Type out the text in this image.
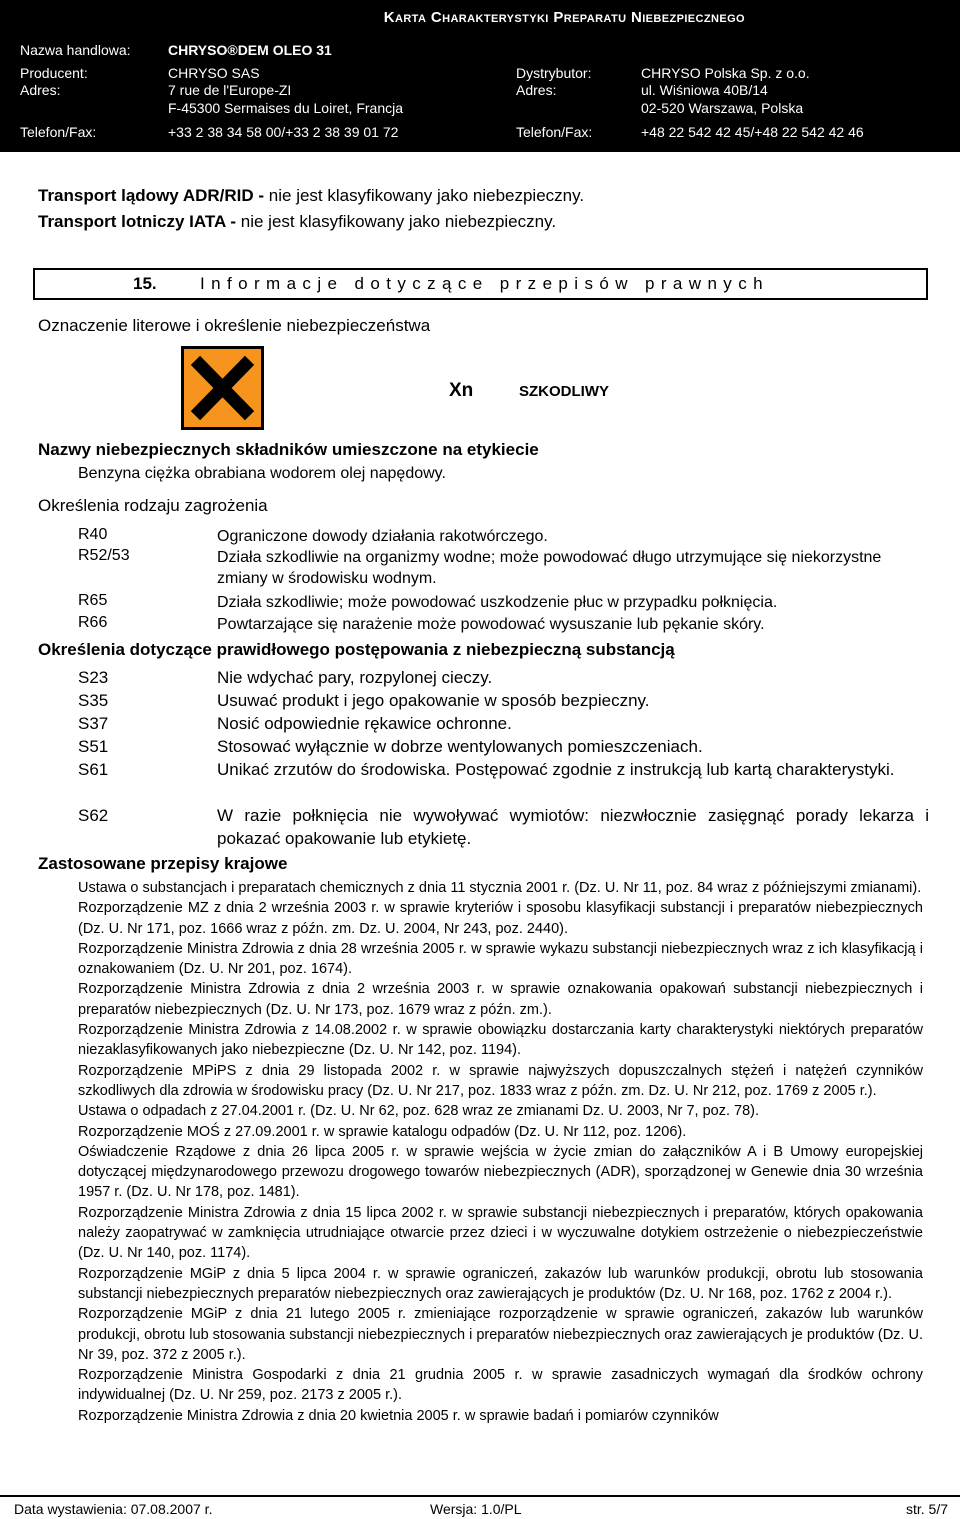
Karta Charakterystyki Preparatu Niebezpiecznego
Nazwa handlowa:	CHRYSO®DEM OLEO 31
Producent:	CHRYSO SAS	Dystrybutor:	CHRYSO Polska Sp. z o.o.
Adres:	7 rue de l'Europe-ZI	Adres:	ul. Wiśniowa 40B/14
F-45300 Sermaises du Loiret, Francja	02-520 Warszawa, Polska
Telefon/Fax:	+33 2 38 34 58 00/+33 2 38 39 01 72	Telefon/Fax:	+48 22 542 42 45/+48 22 542 42 46
Transport lądowy ADR/RID - nie jest klasyfikowany jako niebezpieczny.
Transport lotniczy IATA - nie jest klasyfikowany jako niebezpieczny.
15.	Informacje dotyczące przepisów prawnych
Oznaczenie literowe i określenie niebezpieczeństwa
Xn	SZKODLIWY
Nazwy niebezpiecznych składników umieszczone na etykiecie
Benzyna ciężka obrabiana wodorem olej napędowy.
Określenia rodzaju zagrożenia
R40	Ograniczone dowody działania rakotwórczego.
R52/53	Działa szkodliwie na organizmy wodne; może powodować długo utrzymujące się niekorzystne zmiany w środowisku wodnym.
R65	Działa szkodliwie; może powodować uszkodzenie płuc w przypadku połknięcia.
R66	Powtarzające się narażenie może powodować wysuszanie lub pękanie skóry.
Określenia dotyczące prawidłowego postępowania z niebezpieczną substancją
S23	Nie wdychać pary, rozpylonej cieczy.
S35	Usuwać produkt i jego opakowanie w sposób bezpieczny.
S37	Nosić odpowiednie rękawice ochronne.
S51	Stosować wyłącznie w dobrze wentylowanych pomieszczeniach.
S61	Unikać zrzutów do środowiska. Postępować zgodnie z instrukcją lub kartą charakterystyki.
S62	W razie połknięcia nie wywoływać wymiotów: niezwłocznie zasięgnąć porady lekarza i pokazać opakowanie lub etykietę.
Zastosowane przepisy krajowe
Ustawa o substancjach i preparatach chemicznych z dnia 11 stycznia 2001 r. (Dz. U. Nr 11, poz. 84 wraz z późniejszymi zmianami).
Rozporządzenie MZ z dnia 2 września 2003 r. w sprawie kryteriów i sposobu klasyfikacji substancji i preparatów niebezpiecznych (Dz. U. Nr 171, poz. 1666 wraz z późn. zm. Dz. U. 2004, Nr 243, poz. 2440).
Rozporządzenie Ministra Zdrowia z dnia 28 września 2005 r. w sprawie wykazu substancji niebezpiecznych wraz z ich klasyfikacją i oznakowaniem (Dz. U. Nr 201, poz. 1674).
Rozporządzenie Ministra Zdrowia z dnia 2 września 2003 r. w sprawie oznakowania opakowań substancji niebezpiecznych i preparatów niebezpiecznych (Dz. U. Nr 173, poz. 1679 wraz z późn. zm.).
Rozporządzenie Ministra Zdrowia z 14.08.2002 r. w sprawie obowiązku dostarczania karty charakterystyki niektórych preparatów niezaklasyfikowanych jako niebezpieczne (Dz. U. Nr 142, poz. 1194).
Rozporządzenie MPiPS z dnia 29 listopada 2002 r. w sprawie najwyższych dopuszczalnych stężeń i natężeń czynników szkodliwych dla zdrowia w środowisku pracy (Dz. U. Nr 217, poz. 1833 wraz z późn. zm. Dz. U. Nr 212, poz. 1769 z 2005 r.).
Ustawa o odpadach z 27.04.2001 r. (Dz. U. Nr 62, poz. 628 wraz ze zmianami Dz. U. 2003, Nr 7, poz. 78).
Rozporządzenie MOŚ z 27.09.2001 r. w sprawie katalogu odpadów (Dz. U. Nr 112, poz. 1206).
Oświadczenie Rządowe z dnia 26 lipca 2005 r. w sprawie wejścia w życie zmian do załączników A i B Umowy europejskiej dotyczącej międzynarodowego przewozu drogowego towarów niebezpiecznych (ADR), sporządzonej w Genewie dnia 30 września 1957 r. (Dz. U. Nr 178, poz. 1481).
Rozporządzenie Ministra Zdrowia z dnia 15 lipca 2002 r. w sprawie substancji niebezpiecznych i preparatów, których opakowania należy zaopatrywać w zamknięcia utrudniające otwarcie przez dzieci i w wyczuwalne dotykiem ostrzeżenie o niebezpieczeństwie (Dz. U. Nr 140, poz. 1174).
Rozporządzenie MGiP z dnia 5 lipca 2004 r. w sprawie ograniczeń, zakazów lub warunków produkcji, obrotu lub stosowania substancji niebezpiecznych preparatów niebezpiecznych oraz zawierających je produktów (Dz. U. Nr 168, poz. 1762 z 2004 r.).
Rozporządzenie MGiP z dnia 21 lutego 2005 r. zmieniające rozporządzenie w sprawie ograniczeń, zakazów lub warunków produkcji, obrotu lub stosowania substancji niebezpiecznych i preparatów niebezpiecznych oraz zawierających je produktów (Dz. U. Nr 39, poz. 372 z 2005 r.).
Rozporządzenie Ministra Gospodarki z dnia 21 grudnia 2005 r. w sprawie zasadniczych wymagań dla środków ochrony indywidualnej (Dz. U. Nr 259, poz. 2173 z 2005 r.).
Rozporządzenie Ministra Zdrowia z dnia 20 kwietnia 2005 r. w sprawie badań i pomiarów czynników
Data wystawienia: 07.08.2007 r.	Wersja: 1.0/PL	str. 5/7
